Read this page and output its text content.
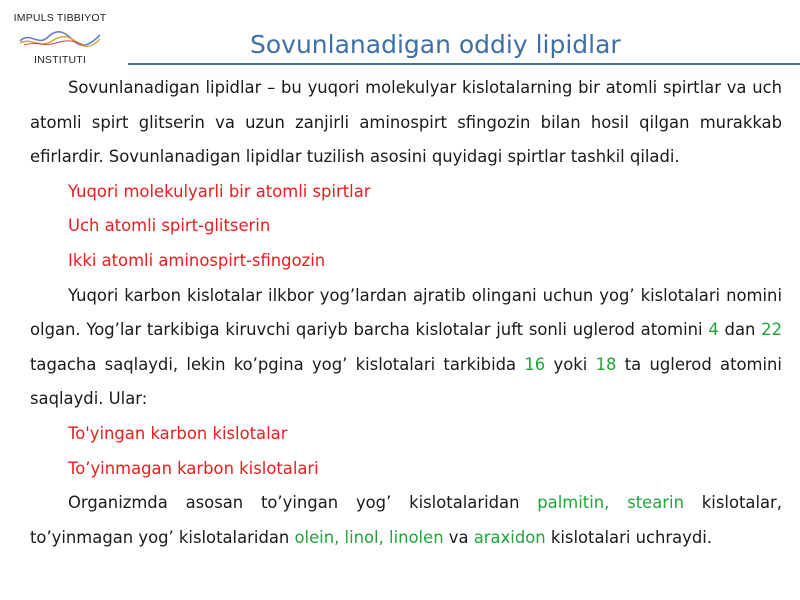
IMPULS TIBBIYOT
INSTITUTI
Sovunlanadigan oddiy lipidlar

Sovunlanadigan lipidlar – bu yuqori molekulyar kislotalarning bir atomli spirtlar va uch atomli spirt glitserin va uzun zanjirli aminospirt sfingozin bilan hosil qilgan murakkab efirlardir. Sovunlanadigan lipidlar tuzilish asosini quyidagi spirtlar tashkil qiladi.

Yuqori molekulyarli bir atomli spirtlar

Uch atomli spirt-glitserin

Ikki atomli aminospirt-sfingozin

Yuqori karbon kislotalar ilkbor yog’lardan ajratib olingani uchun yog’ kislotalari nomini olgan. Yog’lar tarkibiga kiruvchi qariyb barcha kislotalar juft sonli uglerod atomini 4 dan 22 tagacha saqlaydi, lekin ko’pgina yog’ kislotalari tarkibida 16 yoki 18 ta uglerod atomini saqlaydi. Ular:

To'yingan karbon kislotalar

To’yinmagan karbon kislotalari

Organizmda asosan to’yingan yog’ kislotalaridan palmitin, stearin kislotalar, to’yinmagan yog’ kislotalaridan olein, linol, linolen va araxidon kislotalari uchraydi.
